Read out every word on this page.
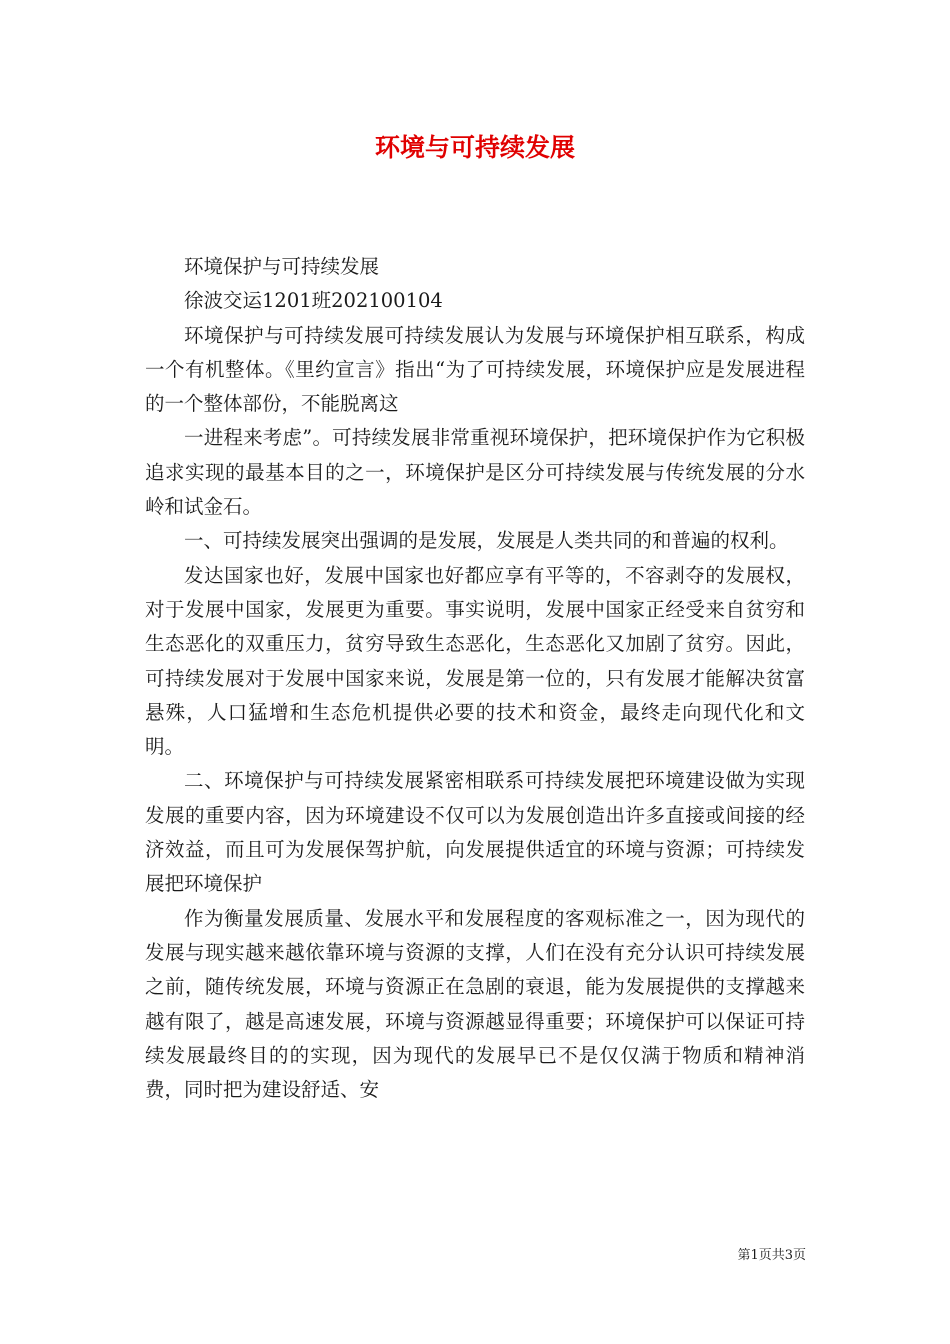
环境与可持续发展

环境保护与可持续发展

徐波交运1201班202100104

环境保护与可持续发展可持续发展认为发展与环境保护相互联系，构成一个有机整体。《里约宣言》指出“为了可持续发展，环境保护应是发展进程的一个整体部份，不能脱离这

一进程来考虑”。可持续发展非常重视环境保护，把环境保护作为它积极追求实现的最基本目的之一，环境保护是区分可持续发展与传统发展的分水岭和试金石。

一、可持续发展突出强调的是发展，发展是人类共同的和普遍的权利。

发达国家也好，发展中国家也好都应享有平等的，不容剥夺的发展权，对于发展中国家，发展更为重要。事实说明，发展中国家正经受来自贫穷和生态恶化的双重压力，贫穷导致生态恶化，生态恶化又加剧了贫穷。因此，可持续发展对于发展中国家来说，发展是第一位的，只有发展才能解决贫富悬殊，人口猛增和生态危机提供必要的技术和资金，最终走向现代化和文明。

二、环境保护与可持续发展紧密相联系可持续发展把环境建设做为实现发展的重要内容，因为环境建设不仅可以为发展创造出许多直接或间接的经济效益，而且可为发展保驾护航，向发展提供适宜的环境与资源；可持续发展把环境保护

作为衡量发展质量、发展水平和发展程度的客观标准之一，因为现代的发展与现实越来越依靠环境与资源的支撑，人们在没有充分认识可持续发展之前，随传统发展，环境与资源正在急剧的衰退，能为发展提供的支撑越来越有限了，越是高速发展，环境与资源越显得重要；环境保护可以保证可持续发展最终目的的实现，因为现代的发展早已不是仅仅满于物质和精神消费，同时把为建设舒适、安

第1页共3页
